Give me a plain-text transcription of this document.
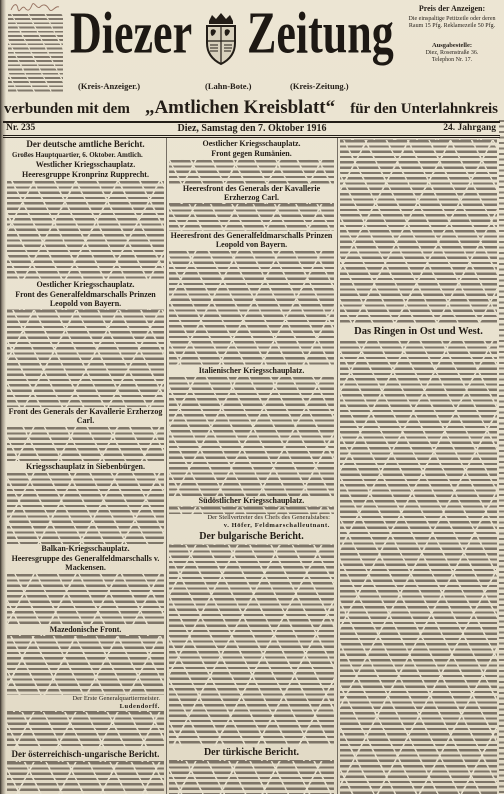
Diezer Zeitung
(Kreis-Anzeiger.)	(Lahn-Bote.)	(Kreis-Zeitung.)
verbunden mit dem „Amtlichen Kreisblatt“ für den Unterlahnkreis
Preis der Anzeigen:
Die einspaltige Petitzeile oder deren Raum 15 Pfg. Reklamezeile 50 Pfg.
Ausgabestelle:
Diez, Rosenstraße 36.
Telephon Nr. 17.
Nr. 235	Diez, Samstag den 7. Oktober 1916	24. Jahrgang
Der deutsche amtliche Bericht.
Großes Hauptquartier, 6. Oktober. Amtlich.
Westlicher Kriegsschauplatz.
Heeresgruppe Kronprinz Rupprecht.
Oestlicher Kriegsschauplatz.
Front des Generalfeldmarschalls Prinzen Leopold von Bayern.
Front des Generals der Kavallerie Erzherzog Carl.
Kriegsschauplatz in Siebenbürgen.
Balkan-Kriegsschauplatz.
Heeresgruppe des Generalfeldmarschalls v. Mackensen.
Mazedonische Front.
Der Erste Generalquartiermeister.
Ludendorff.
Der österreichisch-ungarische Bericht.
Oestlicher Kriegsschauplatz.
Front gegen Rumänien.
Heeresfront des Generals der Kavallerie Erzherzog Carl.
Heeresfront des Generalfeldmarschalls Prinzen Leopold von Bayern.
Italienischer Kriegsschauplatz.
Südöstlicher Kriegsschauplatz.
Der Stellvertreter des Chefs des Generalstabes:
v. Höfer, Feldmarschalleutnant.
Der bulgarische Bericht.
Der türkische Bericht.
Das Ringen in Ost und West.
